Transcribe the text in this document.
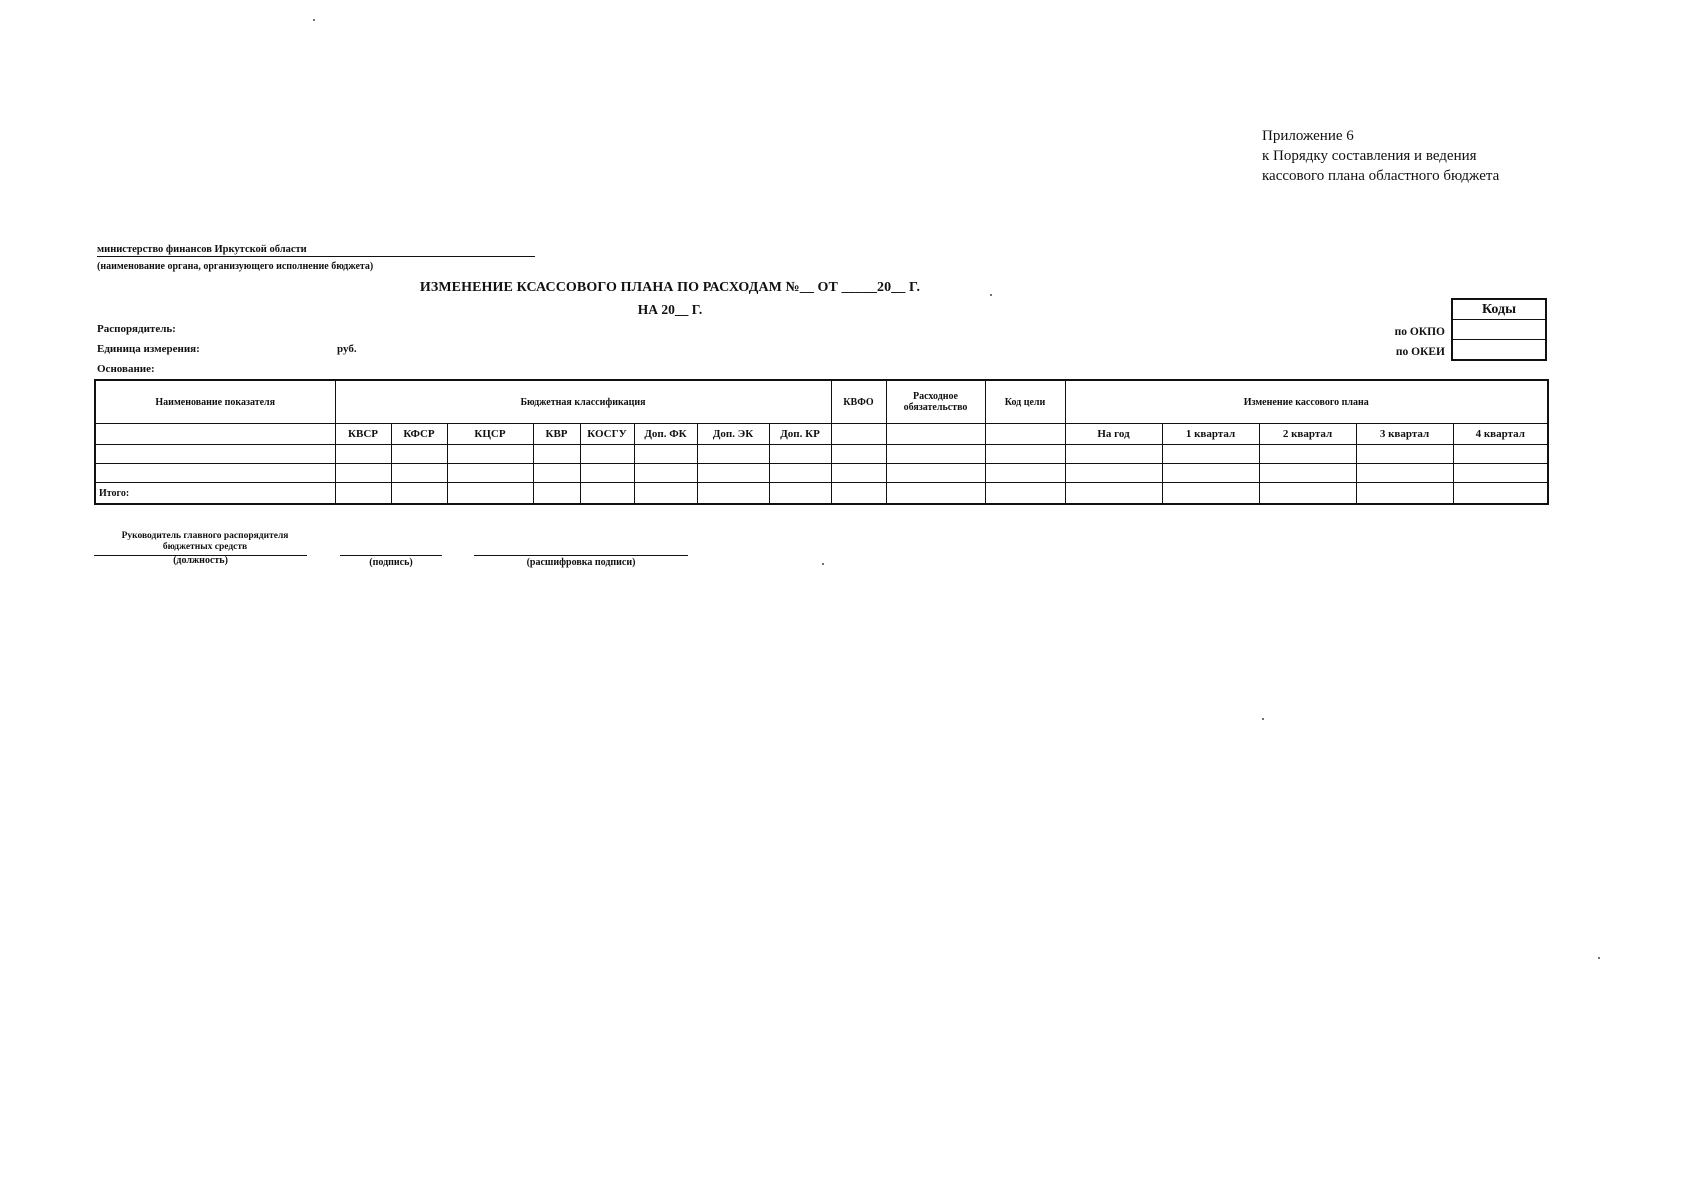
Приложение 6
к Порядку составления и ведения
кассового плана областного бюджета
министерство финансов Иркутской области
(наименование органа, организующего исполнение бюджета)
ИЗМЕНЕНИЕ КСАССОВОГО ПЛАНА ПО РАСХОДАМ №__ ОТ _____20__ Г.
НА 20__ Г.
Распорядитель:
Единица измерения:	руб.
Основание:
Коды

по ОКПО
по ОКЕИ
Наименование показателя	Бюджетная классификация								КВФО	Расходное обязательство	Код цели	Изменение кассового плана				
	КВСР	КФСР	КЦСР	КВР	КОСГУ	Доп. ФК	Доп. ЭК	Доп. КР				На год	1 квартал	2 квартал	3 квартал	4 квартал

Итого:																
Руководитель главного распорядителя
бюджетных средств
(должность)	(подпись)	(расшифровка подписи)
